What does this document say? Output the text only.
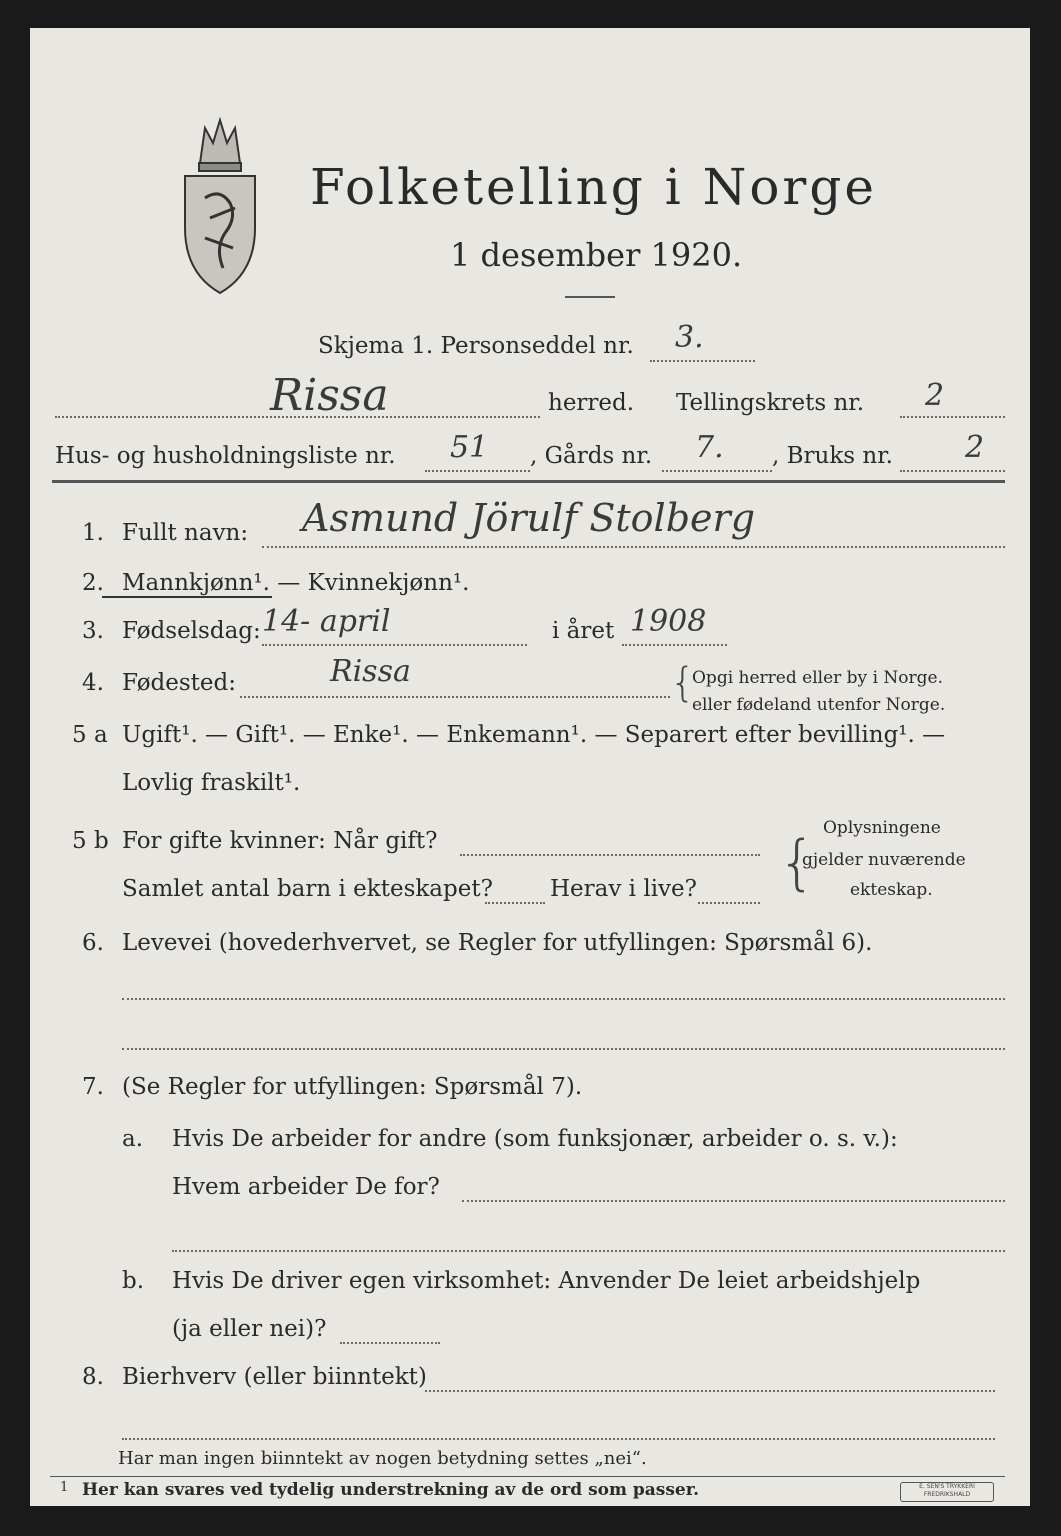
Folketelling i Norge
1 desember 1920.
Skjema 1. Personseddel nr. 3.
Rissa	herred. Tellingskrets nr. 2
Hus- og husholdningsliste nr. 51 , Gårds nr. 7. , Bruks nr. 2
1. Fullt navn: Asmund Jörulf Stolberg
2. Mannkjønn¹. — Kvinnekjønn¹.
3. Fødselsdag: 14- april	i året 1908
4. Fødested:	Rissa	{
Opgi herred eller by i Norge.
eller fødeland utenfor Norge.
5 a Ugift¹. — Gift¹. — Enke¹. — Enkemann¹. — Separert efter bevilling¹. —
Lovlig fraskilt¹.
5 b For gifte kvinner: Når gift?
Samlet antal barn i ekteskapet? Herav i live? { Oplysningene
gjelder nuværende
ekteskap.
6. Levevei (hovederhvervet, se Regler for utfyllingen: Spørsmål 6).
7. (Se Regler for utfyllingen: Spørsmål 7).
a. Hvis De arbeider for andre (som funksjonær, arbeider o. s. v.):
Hvem arbeider De for?
b. Hvis De driver egen virksomhet: Anvender De leiet arbeidshjelp
(ja eller nei)?
8. Bierhverv (eller biinntekt)
Har man ingen biinntekt av nogen betydning settes „nei“.
1 Her kan svares ved tydelig understrekning av de ord som passer.	E. SEN'S TRYKKERI
FREDRIKSHALD
